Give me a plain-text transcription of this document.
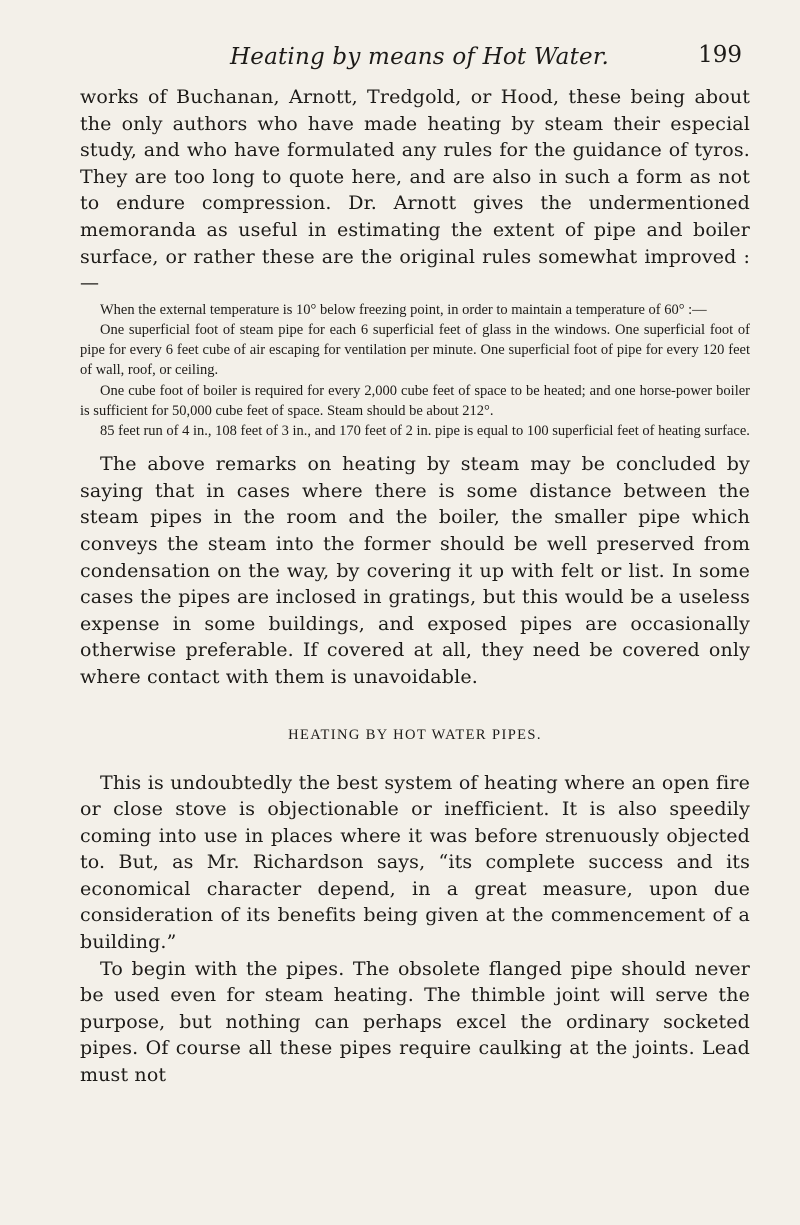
Heating by means of Hot Water.	199

works of Buchanan, Arnott, Tredgold, or Hood, these being about the only authors who have made heating by steam their especial study, and who have formulated any rules for the guidance of tyros. They are too long to quote here, and are also in such a form as not to endure compression. Dr. Arnott gives the undermentioned memoranda as useful in estimating the extent of pipe and boiler surface, or rather these are the original rules somewhat improved :—

When the external temperature is 10° below freezing point, in order to maintain a temperature of 60° :—

One superficial foot of steam pipe for each 6 superficial feet of glass in the windows. One superficial foot of pipe for every 6 feet cube of air escaping for ventilation per minute. One superficial foot of pipe for every 120 feet of wall, roof, or ceiling.

One cube foot of boiler is required for every 2,000 cube feet of space to be heated; and one horse-power boiler is sufficient for 50,000 cube feet of space. Steam should be about 212°.

85 feet run of 4 in., 108 feet of 3 in., and 170 feet of 2 in. pipe is equal to 100 superficial feet of heating surface.

The above remarks on heating by steam may be concluded by saying that in cases where there is some distance between the steam pipes in the room and the boiler, the smaller pipe which conveys the steam into the former should be well preserved from condensation on the way, by covering it up with felt or list. In some cases the pipes are inclosed in gratings, but this would be a useless expense in some buildings, and exposed pipes are occasionally otherwise preferable. If covered at all, they need be covered only where contact with them is unavoidable.

HEATING BY HOT WATER PIPES.

This is undoubtedly the best system of heating where an open fire or close stove is objectionable or inefficient. It is also speedily coming into use in places where it was before strenuously objected to. But, as Mr. Richardson says, “its complete success and its economical character depend, in a great measure, upon due consideration of its benefits being given at the commencement of a building.”

To begin with the pipes. The obsolete flanged pipe should never be used even for steam heating. The thimble joint will serve the purpose, but nothing can perhaps excel the ordinary socketed pipes. Of course all these pipes require caulking at the joints. Lead must not
